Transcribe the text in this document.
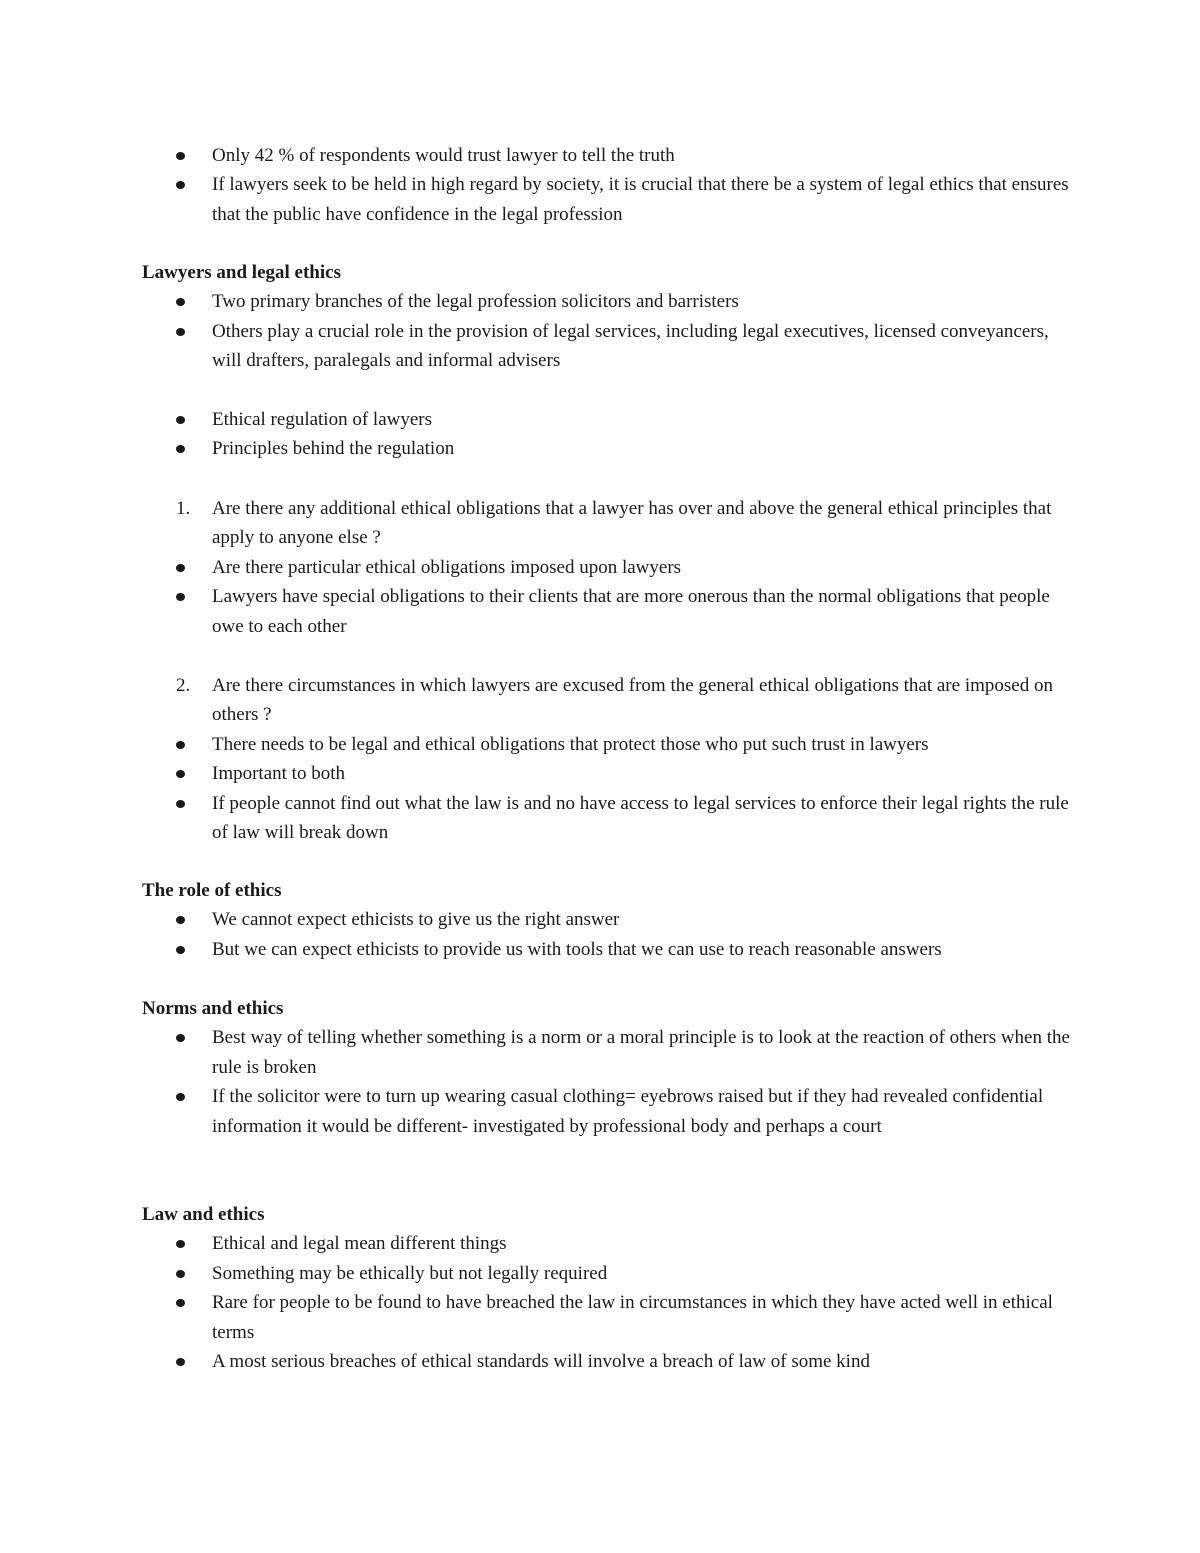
Only 42 % of respondents would trust lawyer to tell the truth
If lawyers seek to be held in high regard by society, it is crucial that there be a system of legal ethics that ensures that the public have confidence in the legal profession
Lawyers and legal ethics
Two primary branches of the legal profession solicitors and barristers
Others play a crucial role in the provision of legal services, including legal executives, licensed conveyancers, will drafters, paralegals and informal advisers
Ethical regulation of lawyers
Principles behind the regulation
1. Are there any additional ethical obligations that a lawyer has over and above the general ethical principles that apply to anyone else ?
Are there particular ethical obligations imposed upon lawyers
Lawyers have special obligations to their clients that are more onerous than the normal obligations that people owe to each other
2. Are there circumstances in which lawyers are excused from the general ethical obligations that are imposed on others ?
There needs to be legal and ethical obligations that protect those who put such trust in lawyers
Important to both
If people cannot find out what the law is and no have access to legal services to enforce their legal rights the rule of law will break down
The role of ethics
We cannot expect ethicists to give us the right answer
But we can expect ethicists to provide us with tools that we can use to reach reasonable answers
Norms and ethics
Best way of telling whether something is a norm or a moral principle is to look at the reaction of others when the rule is broken
If the solicitor were to turn up wearing casual clothing= eyebrows raised but if they had revealed confidential information it would be different- investigated by professional body and perhaps a court
Law and ethics
Ethical and legal mean different things
Something may be ethically but not legally required
Rare for people to be found to have breached the law in circumstances in which they have acted well in ethical terms
A most serious breaches of ethical standards will involve a breach of law of some kind
